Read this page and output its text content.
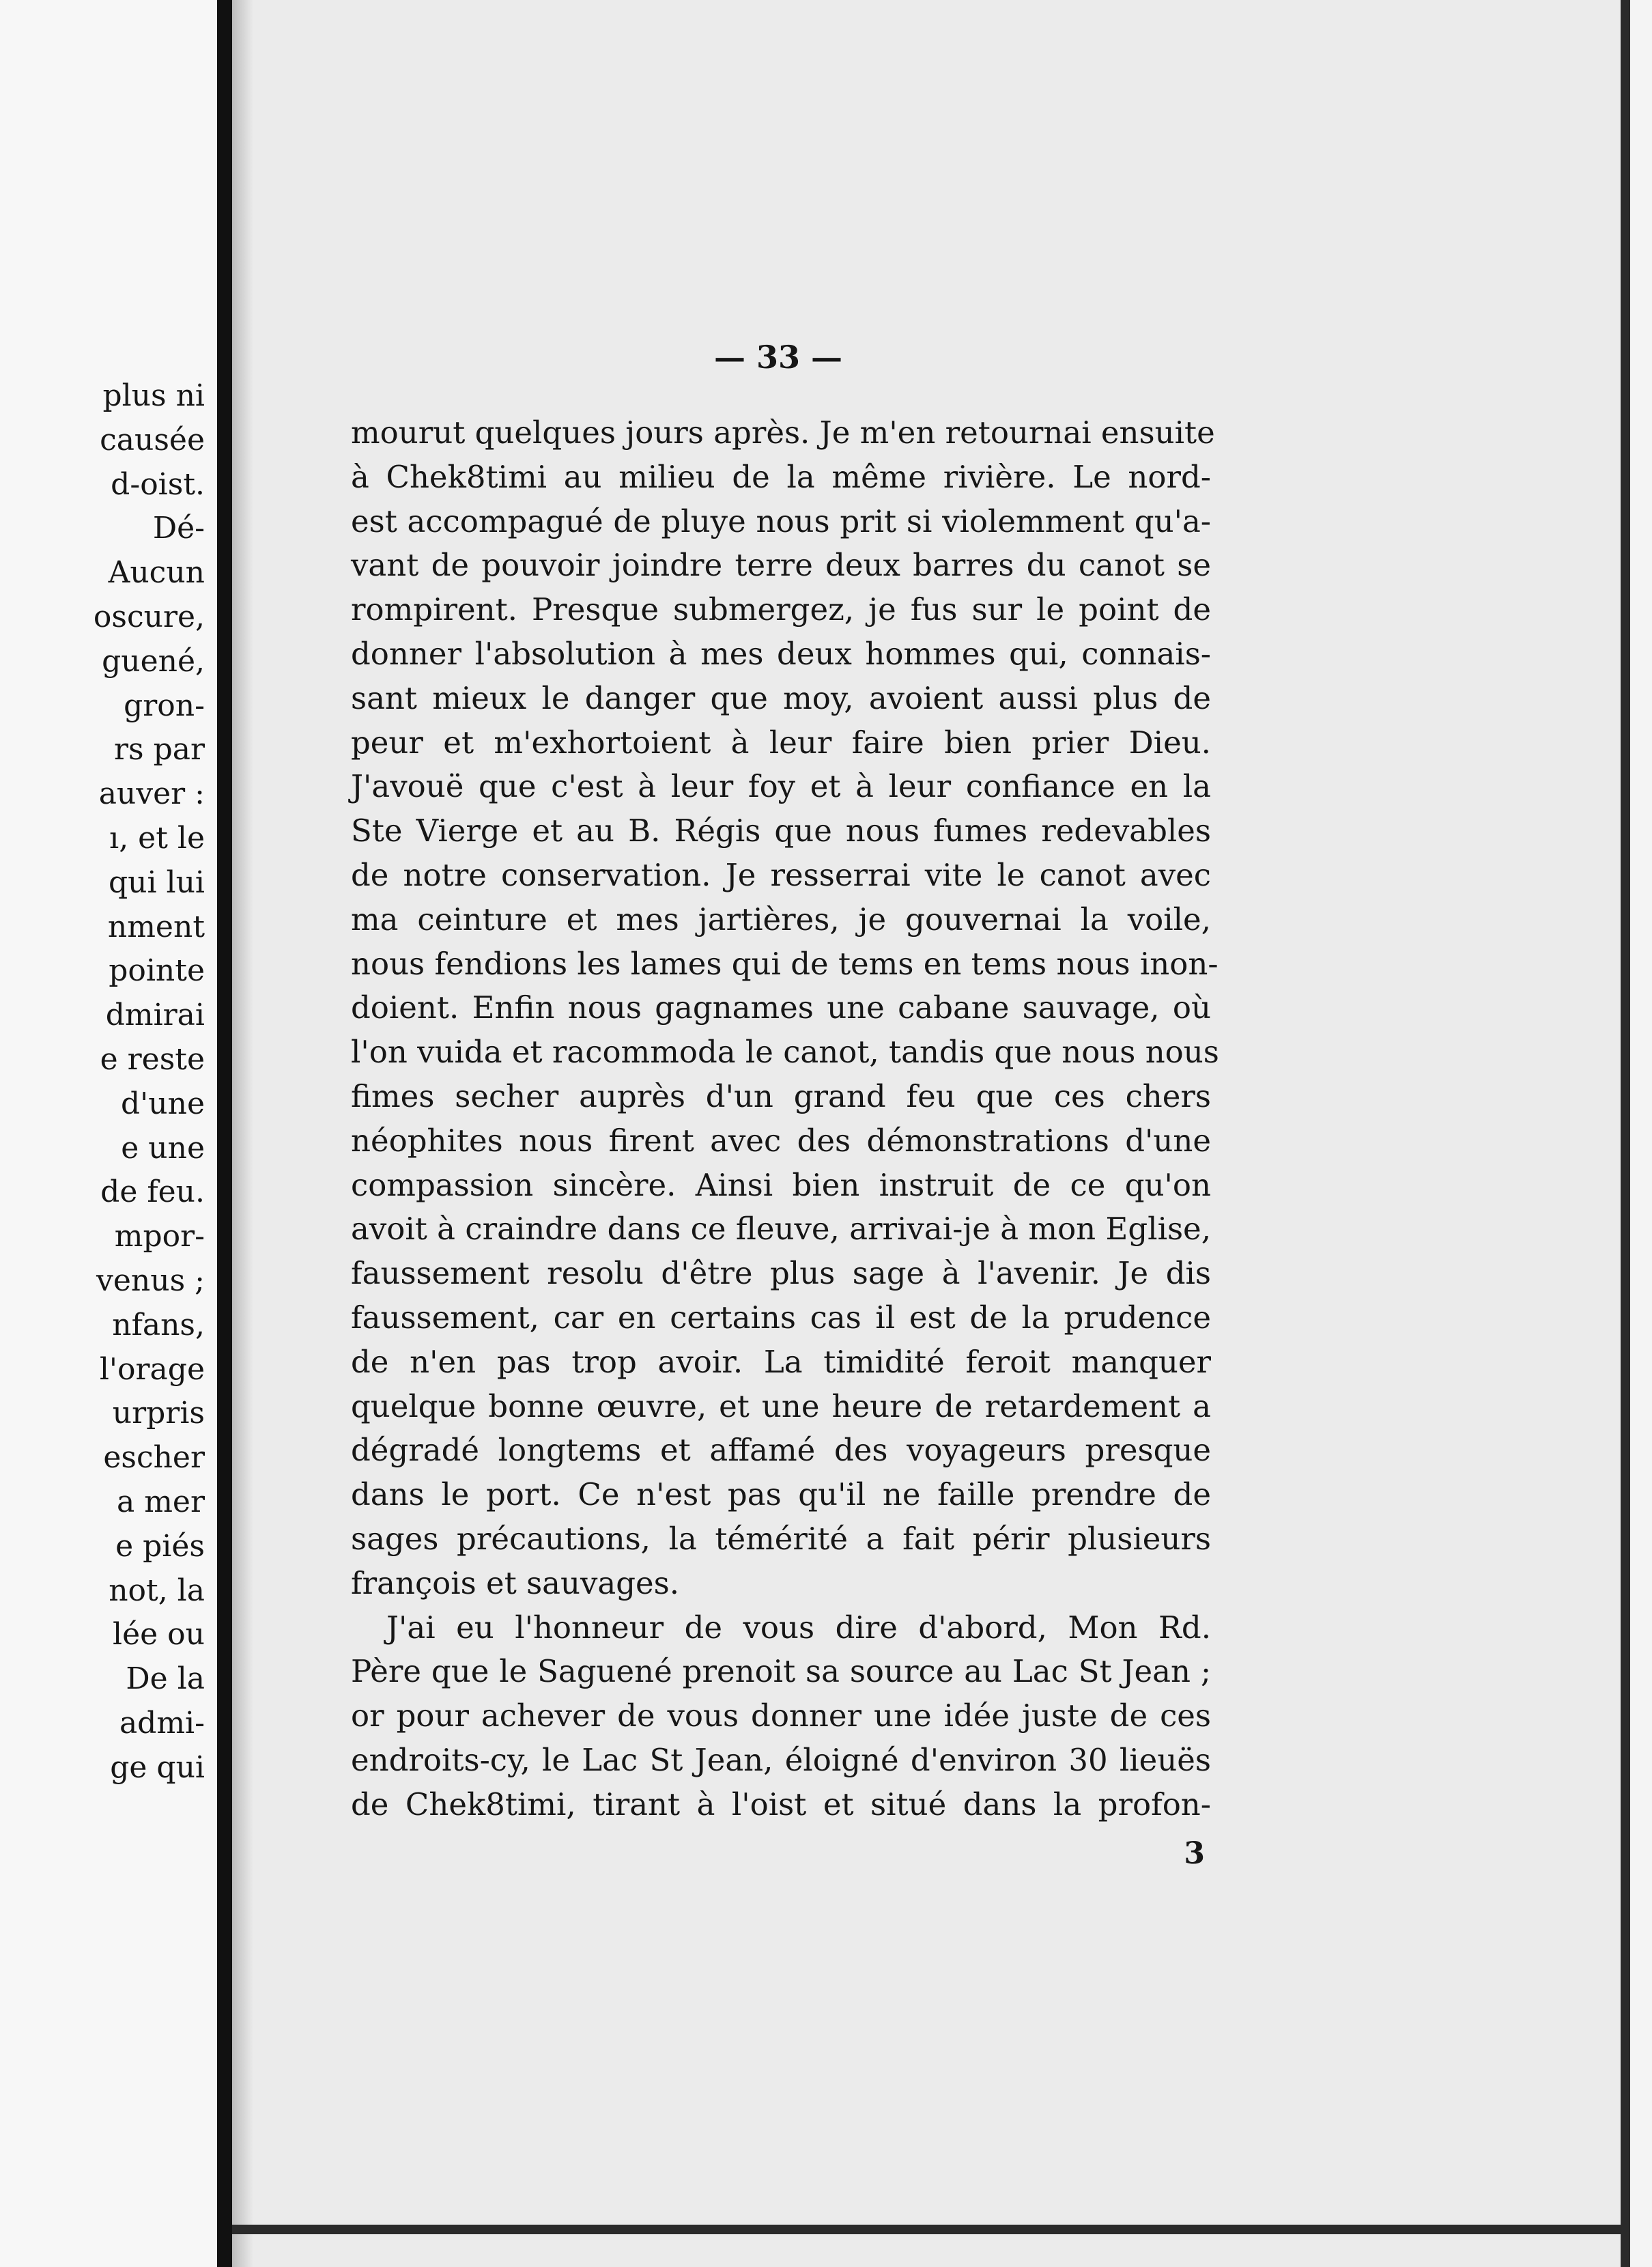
plus ni
causée
d-oist.
Dé-
Aucun
oscure,
guené,
gron-
rs par
auver :
ı, et le
qui lui
nment
pointe
dmirai
e reste
d'une
e une
de feu.
mpor-
venus ;
nfans,
l'orage
urpris
escher
a mer
e piés
not, la
lée ou
De la
admi-
ge qui
— 33 —
mourut quelques jours après. Je m'en retournai ensuite
à Chek8timi au milieu de la même rivière. Le nord-
est accompagué de pluye nous prit si violemment qu'a-
vant de pouvoir joindre terre deux barres du canot se
rompirent. Presque submergez, je fus sur le point de
donner l'absolution à mes deux hommes qui, connais-
sant mieux le danger que moy, avoient aussi plus de
peur et m'exhortoient à leur faire bien prier Dieu.
J'avouë que c'est à leur foy et à leur confiance en la
Ste Vierge et au B. Régis que nous fumes redevables
de notre conservation. Je resserrai vite le canot avec
ma ceinture et mes jartières, je gouvernai la voile,
nous fendions les lames qui de tems en tems nous inon-
doient. Enfin nous gagnames une cabane sauvage, où
l'on vuida et racommoda le canot, tandis que nous nous
fimes secher auprès d'un grand feu que ces chers
néophites nous firent avec des démonstrations d'une
compassion sincère. Ainsi bien instruit de ce qu'on
avoit à craindre dans ce fleuve, arrivai-je à mon Eglise,
faussement resolu d'être plus sage à l'avenir. Je dis
faussement, car en certains cas il est de la prudence
de n'en pas trop avoir. La timidité feroit manquer
quelque bonne œuvre, et une heure de retardement a
dégradé longtems et affamé des voyageurs presque
dans le port. Ce n'est pas qu'il ne faille prendre de
sages précautions, la témérité a fait périr plusieurs
françois et sauvages.
J'ai eu l'honneur de vous dire d'abord, Mon Rd.
Père que le Saguené prenoit sa source au Lac St Jean ;
or pour achever de vous donner une idée juste de ces
endroits-cy, le Lac St Jean, éloigné d'environ 30 lieuës
de Chek8timi, tirant à l'oist et situé dans la profon-
3
